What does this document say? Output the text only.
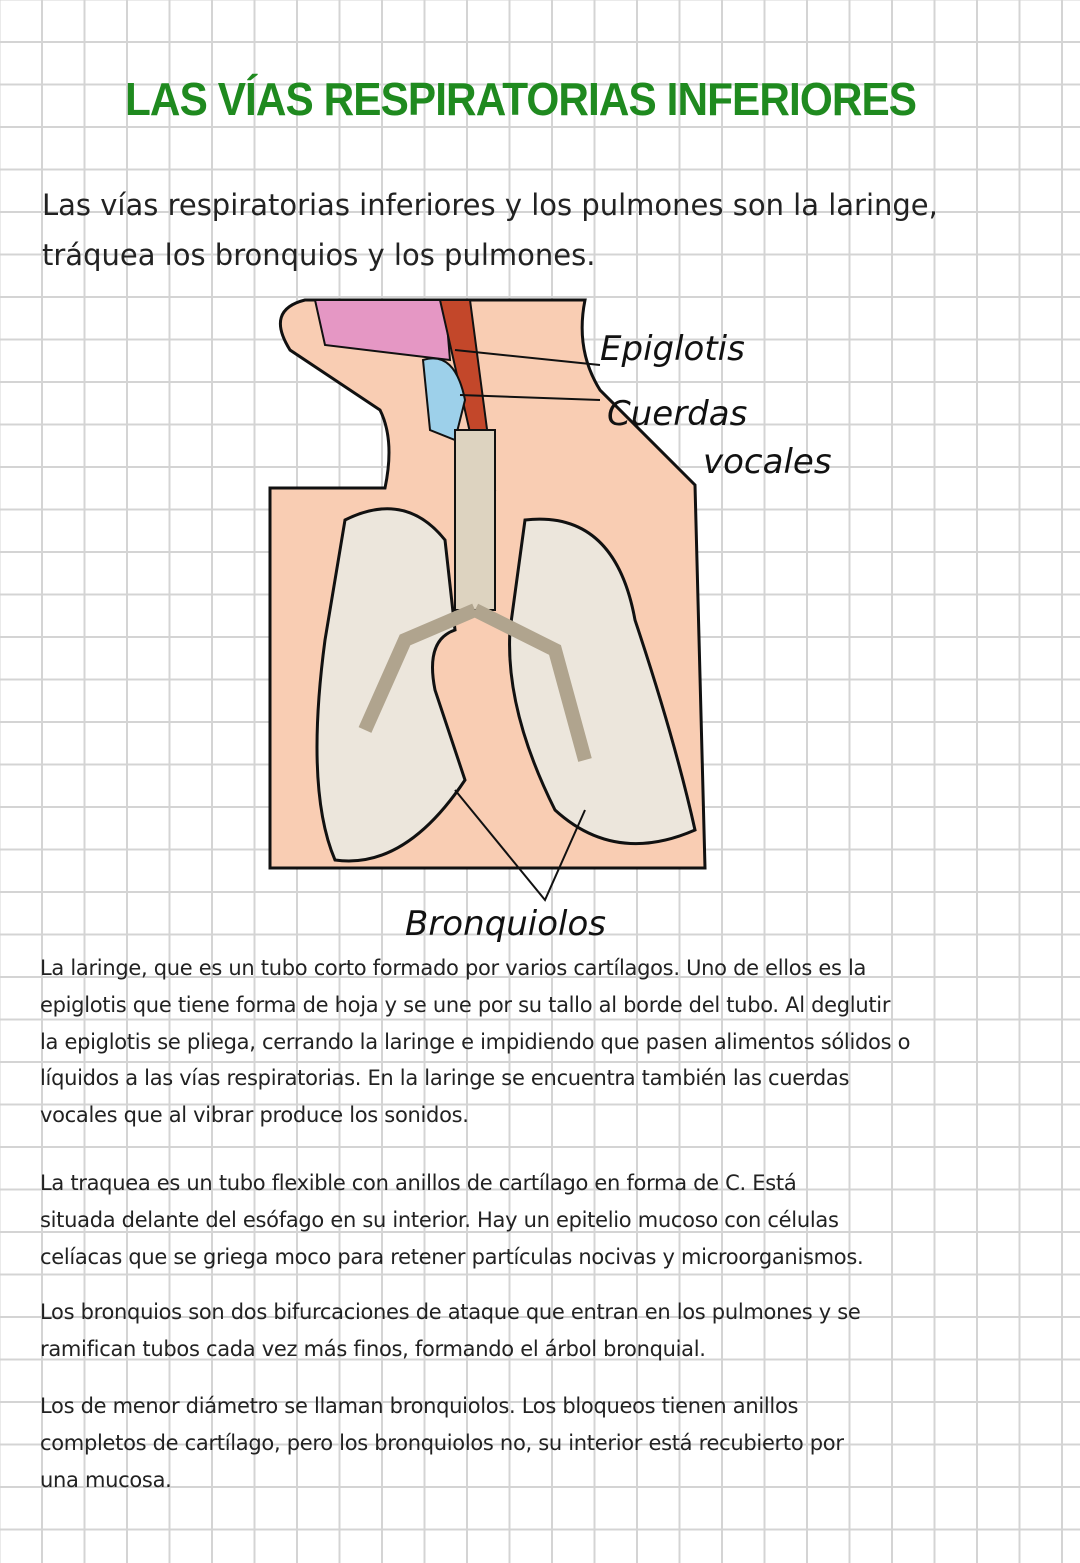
LAS VÍAS RESPIRATORIAS INFERIORES
Las vías respiratorias inferiores y los pulmones son la laringe,
tráquea los bronquios y los pulmones.
Epiglotis
Cuerdas
vocales
Bronquiolos
La laringe, que es un tubo corto formado por varios cartílagos. Uno de ellos es la
epiglotis que tiene forma de hoja y se une por su tallo al borde del tubo. Al deglutir
la epiglotis se pliega, cerrando la laringe e impidiendo que pasen alimentos sólidos o
líquidos a las vías respiratorias. En la laringe se encuentra también las cuerdas
vocales que al vibrar produce los sonidos.
La traquea es un tubo flexible con anillos de cartílago en forma de C. Está
situada delante del esófago en su interior. Hay un epitelio mucoso con células
celíacas que se griega moco para retener partículas nocivas y microorganismos.
Los bronquios son dos bifurcaciones de ataque que entran en los pulmones y se
ramifican tubos cada vez más finos, formando el árbol bronquial.
Los de menor diámetro se llaman bronquiolos. Los bloqueos tienen anillos
completos de cartílago, pero los bronquiolos no, su interior está recubierto por
una mucosa.
